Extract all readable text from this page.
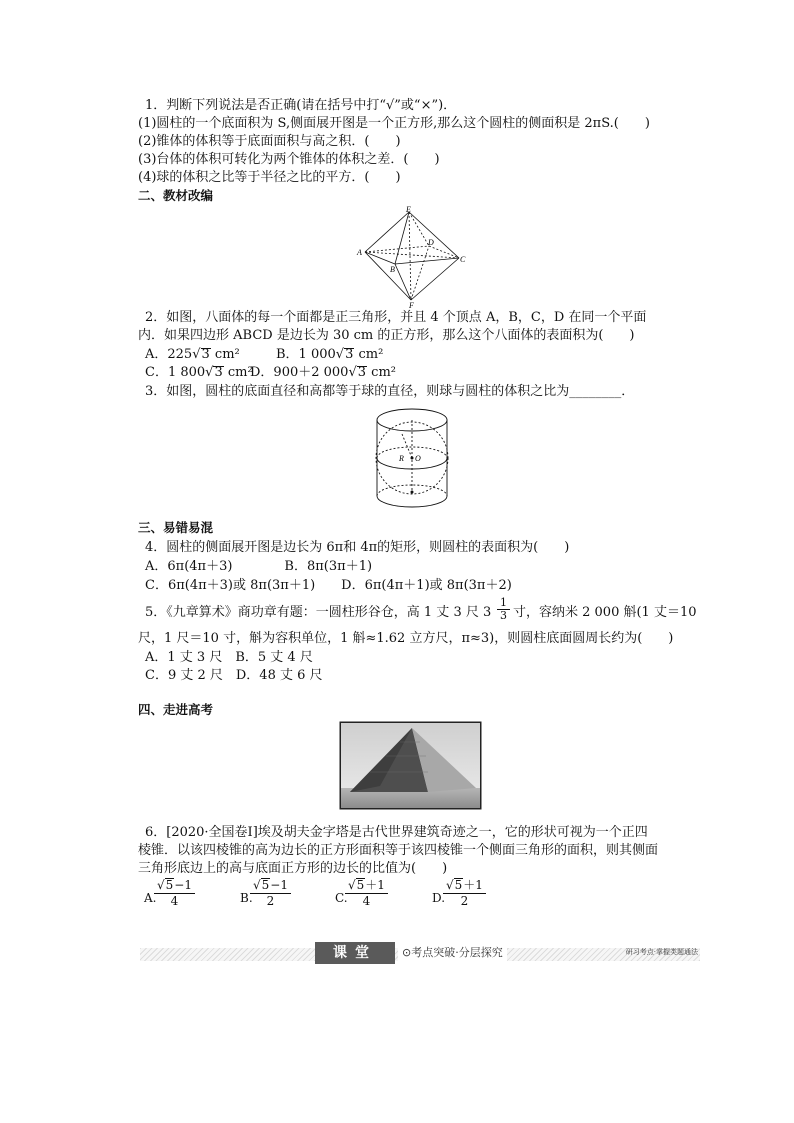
1．判断下列说法是否正确(请在括号中打“√”或“×”)．
(1)圆柱的一个底面积为 S,侧面展开图是一个正方形,那么这个圆柱的侧面积是 2πS.(　　)
(2)锥体的体积等于底面面积与高之积．(　　)
(3)台体的体积可转化为两个锥体的体积之差．(　　)
(4)球的体积之比等于半径之比的平方．(　　)
二、教材改编
E
A
B
D
C
F
2．如图，八面体的每一个面都是正三角形，并且 4 个顶点 A，B，C，D 在同一个平面
内．如果四边形 ABCD 是边长为 30 cm 的正方形，那么这个八面体的表面积为(　　)
A．225√3 cm²	B．1 000√3 cm²
C．1 800√3 cm²
D．900＋2 000√3 cm²
3．如图，圆柱的底面直径和高都等于球的直径，则球与圆柱的体积之比为________．
R O
三、易错易混
4．圆柱的侧面展开图是边长为 6π和 4π的矩形，则圆柱的表面积为(　　)
A．6π(4π＋3)　　　　B．8π(3π＋1)
C．6π(4π＋3)或 8π(3π＋1)　　D．6π(4π＋1)或 8π(3π＋2)
5．《九章算术》商功章有题：一圆柱形谷仓，高 1 丈 3 尺 $3 \frac{1}{3}$ 寸，容纳米 2 000 斛(1 丈＝10
尺，1 尺＝10 寸，斛为容积单位，1 斛≈1.62 立方尺，π≈3)，则圆柱底面圆周长约为(　　)
A．1 丈 3 尺　B．5 丈 4 尺
C．9 丈 2 尺　D．48 丈 6 尺
四、走进高考
6．[2020·全国卷Ⅰ]埃及胡夫金字塔是古代世界建筑奇迹之一，它的形状可视为一个正四
棱锥．以该四棱锥的高为边长的正方形面积等于该四棱锥一个侧面三角形的面积，则其侧面
三角形底边上的高与底面正方形的边长的比值为(　　)
A.
$\frac{√5-1}{4}$	B.
$\frac{√5-1}{2}$	C.
$\frac{√5+1}{4}$	D.
$\frac{√5+1}{2}$
课堂	⊙考点突破·分层探究	研习考点·掌握类题通法
